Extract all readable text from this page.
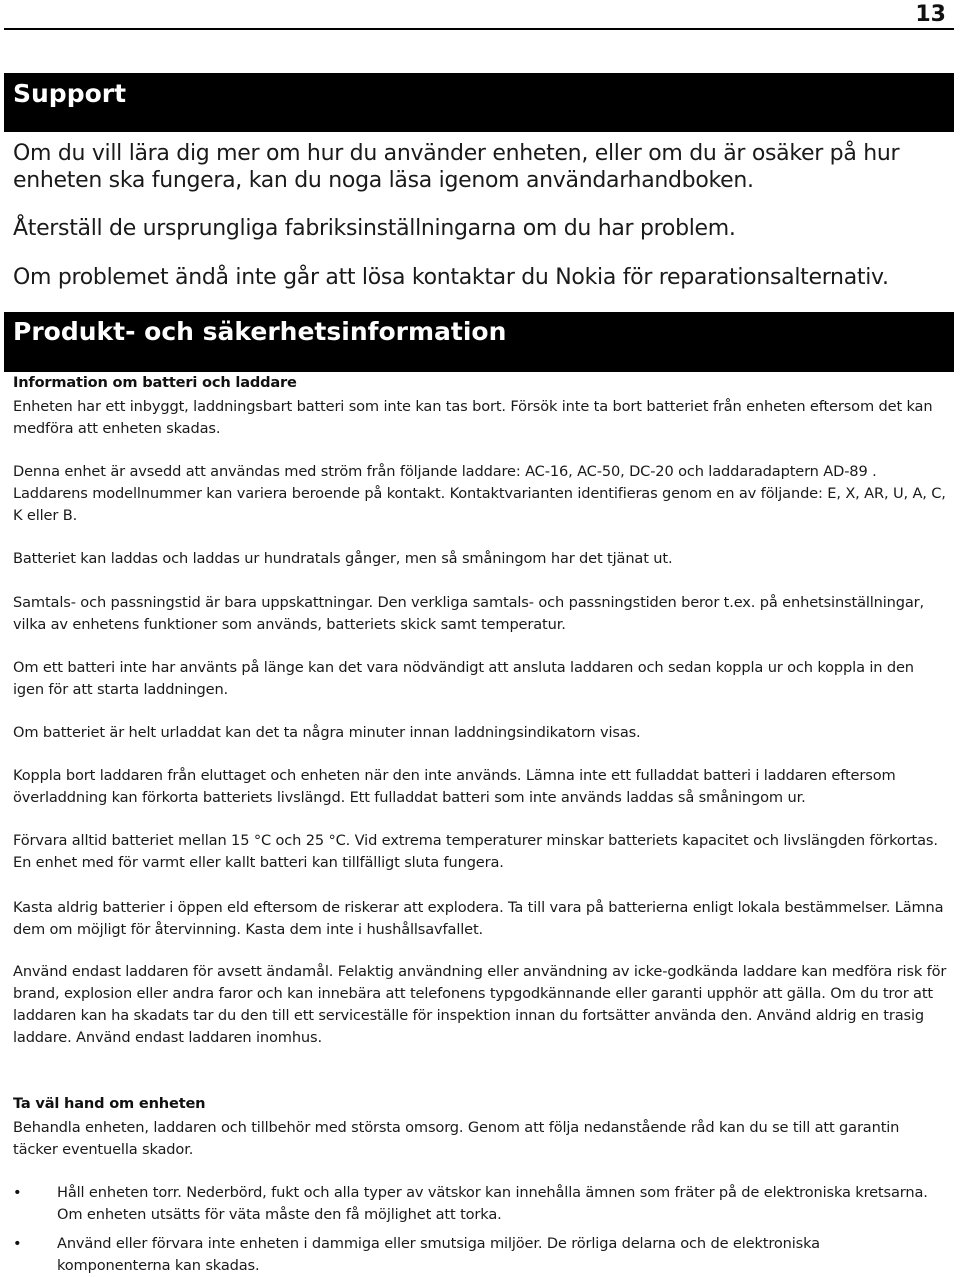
13
Support

Om du vill lära dig mer om hur du använder enheten, eller om du är osäker på hur enheten ska fungera, kan du noga läsa igenom användarhandboken.

Återställ de ursprungliga fabriksinställningarna om du har problem.

Om problemet ändå inte går att lösa kontaktar du Nokia för reparationsalternativ.

Produkt- och säkerhetsinformation
Information om batteri och laddare

Enheten har ett inbyggt, laddningsbart batteri som inte kan tas bort. Försök inte ta bort batteriet från enheten eftersom det kan medföra att enheten skadas.

Denna enhet är avsedd att användas med ström från följande laddare: AC-16, AC-50, DC-20 och laddaradaptern AD-89 . Laddarens modellnummer kan variera beroende på kontakt. Kontaktvarianten identifieras genom en av följande: E, X, AR, U, A, C, K eller B.

Batteriet kan laddas och laddas ur hundratals gånger, men så småningom har det tjänat ut.

Samtals- och passningstid är bara uppskattningar. Den verkliga samtals- och passningstiden beror t.ex. på enhetsinställningar, vilka av enhetens funktioner som används, batteriets skick samt temperatur.

Om ett batteri inte har använts på länge kan det vara nödvändigt att ansluta laddaren och sedan koppla ur och koppla in den igen för att starta laddningen.

Om batteriet är helt urladdat kan det ta några minuter innan laddningsindikatorn visas.

Koppla bort laddaren från eluttaget och enheten när den inte används. Lämna inte ett fulladdat batteri i laddaren eftersom överladdning kan förkorta batteriets livslängd. Ett fulladdat batteri som inte används laddas så småningom ur.

Förvara alltid batteriet mellan 15 °C och 25 °C. Vid extrema temperaturer minskar batteriets kapacitet och livslängden förkortas. En enhet med för varmt eller kallt batteri kan tillfälligt sluta fungera.

Kasta aldrig batterier i öppen eld eftersom de riskerar att explodera. Ta till vara på batterierna enligt lokala bestämmelser. Lämna dem om möjligt för återvinning. Kasta dem inte i hushållsavfallet.

Använd endast laddaren för avsett ändamål. Felaktig användning eller användning av icke-godkända laddare kan medföra risk för brand, explosion eller andra faror och kan innebära att telefonens typgodkännande eller garanti upphör att gälla. Om du tror att laddaren kan ha skadats tar du den till ett serviceställe för inspektion innan du fortsätter använda den. Använd aldrig en trasig laddare. Använd endast laddaren inomhus.

Ta väl hand om enheten

Behandla enheten, laddaren och tillbehör med största omsorg. Genom att följa nedanstående råd kan du se till att garantin täcker eventuella skador.

• Håll enheten torr. Nederbörd, fukt och alla typer av vätskor kan innehålla ämnen som fräter på de elektroniska kretsarna. Om enheten utsätts för väta måste den få möjlighet att torka.

• Använd eller förvara inte enheten i dammiga eller smutsiga miljöer. De rörliga delarna och de elektroniska komponenterna kan skadas.
